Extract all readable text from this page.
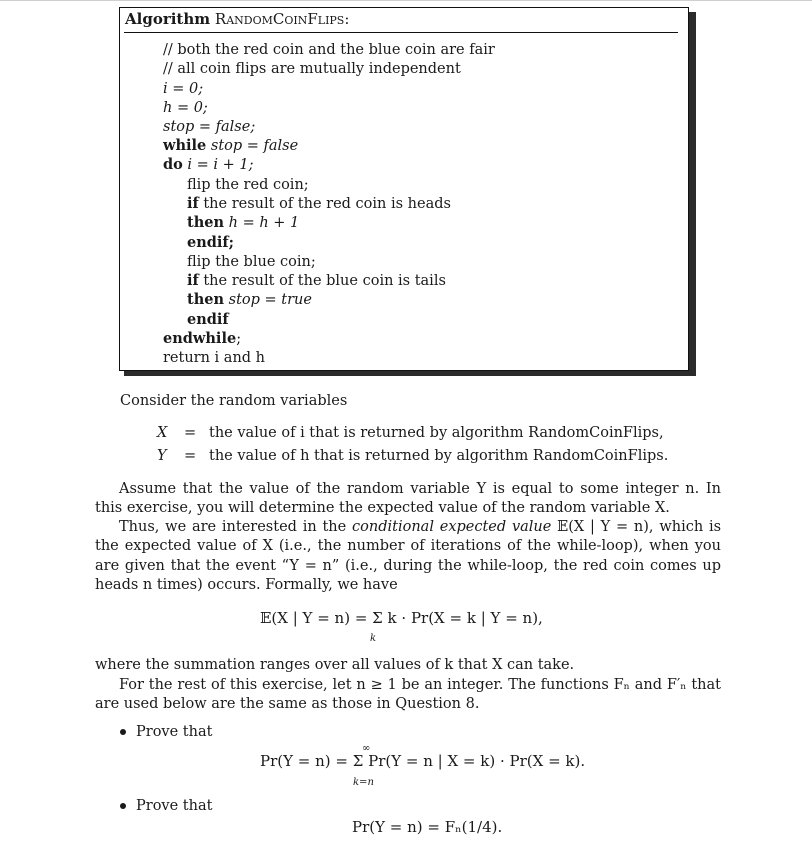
Algorithm RandomCoinFlips:
// both the red coin and the blue coin are fair
// all coin flips are mutually independent
i = 0;
h = 0;
stop = false;
while stop = false
do i = i + 1;
flip the red coin;
if the result of the red coin is heads
then h = h + 1
endif;
flip the blue coin;
if the result of the blue coin is tails
then stop = true
endif
endwhile;
return i and h
Consider the random variables
X = the value of i that is returned by algorithm RandomCoinFlips,
Y = the value of h that is returned by algorithm RandomCoinFlips.
Assume that the value of the random variable Y is equal to some integer n. In this exercise, you will determine the expected value of the random variable X.
Thus, we are interested in the conditional expected value 𝔼(X | Y = n), which is the expected value of X (i.e., the number of iterations of the while-loop), when you are given that the event “Y = n” (i.e., during the while-loop, the red coin comes up heads n times) occurs. Formally, we have
𝔼(X | Y = n) = Σ k · Pr(X = k | Y = n),
k
where the summation ranges over all values of k that X can take.
For the rest of this exercise, let n ≥ 1 be an integer. The functions Fₙ and F′ₙ that are used below are the same as those in Question 8.
Prove that
∞
Pr(Y = n) = Σ Pr(Y = n | X = k) · Pr(X = k).
k=n
Prove that
Pr(Y = n) = Fₙ(1/4).
